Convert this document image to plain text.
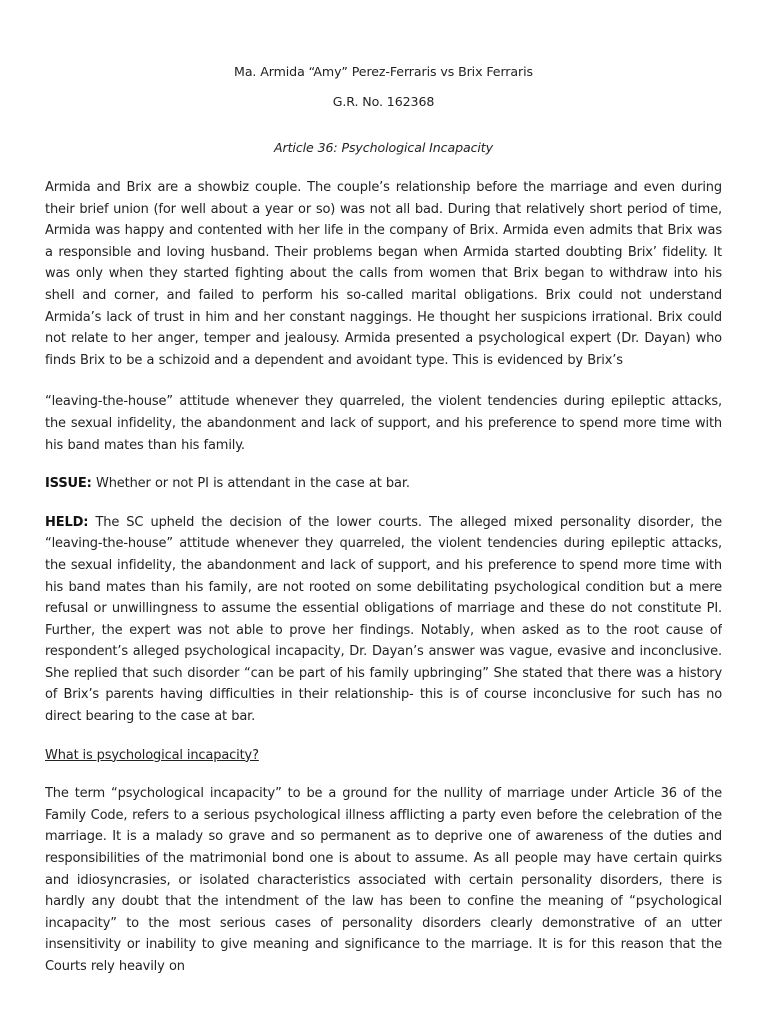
Ma. Armida “Amy” Perez-Ferraris vs Brix Ferraris

G.R. No. 162368

Article 36: Psychological Incapacity

Armida and Brix are a showbiz couple. The couple’s relationship before the marriage and even during their brief union (for well about a year or so) was not all bad. During that relatively short period of time, Armida was happy and contented with her life in the company of Brix. Armida even admits that Brix was a responsible and loving husband. Their problems began when Armida started doubting Brix’ fidelity. It was only when they started fighting about the calls from women that Brix began to withdraw into his shell and corner, and failed to perform his so-called marital obligations. Brix could not understand Armida’s lack of trust in him and her constant naggings. He thought her suspicions irrational. Brix could not relate to her anger, temper and jealousy. Armida presented a psychological expert (Dr. Dayan) who finds Brix to be a schizoid and a dependent and avoidant type. This is evidenced by Brix’s

“leaving-the-house” attitude whenever they quarreled, the violent tendencies during epileptic attacks, the sexual infidelity, the abandonment and lack of support, and his preference to spend more time with his band mates than his family.

ISSUE: Whether or not PI is attendant in the case at bar.

HELD: The SC upheld the decision of the lower courts. The alleged mixed personality disorder, the “leaving-the-house” attitude whenever they quarreled, the violent tendencies during epileptic attacks, the sexual infidelity, the abandonment and lack of support, and his preference to spend more time with his band mates than his family, are not rooted on some debilitating psychological condition but a mere refusal or unwillingness to assume the essential obligations of marriage and these do not constitute PI. Further, the expert was not able to prove her findings. Notably, when asked as to the root cause of respondent’s alleged psychological incapacity, Dr. Dayan’s answer was vague, evasive and inconclusive. She replied that such disorder “can be part of his family upbringing” She stated that there was a history of Brix’s parents having difficulties in their relationship- this is of course inconclusive for such has no direct bearing to the case at bar.

What is psychological incapacity?

The term “psychological incapacity” to be a ground for the nullity of marriage under Article 36 of the Family Code, refers to a serious psychological illness afflicting a party even before the celebration of the marriage. It is a malady so grave and so permanent as to deprive one of awareness of the duties and responsibilities of the matrimonial bond one is about to assume. As all people may have certain quirks and idiosyncrasies, or isolated characteristics associated with certain personality disorders, there is hardly any doubt that the intendment of the law has been to confine the meaning of “psychological incapacity” to the most serious cases of personality disorders clearly demonstrative of an utter insensitivity or inability to give meaning and significance to the marriage. It is for this reason that the Courts rely heavily on
